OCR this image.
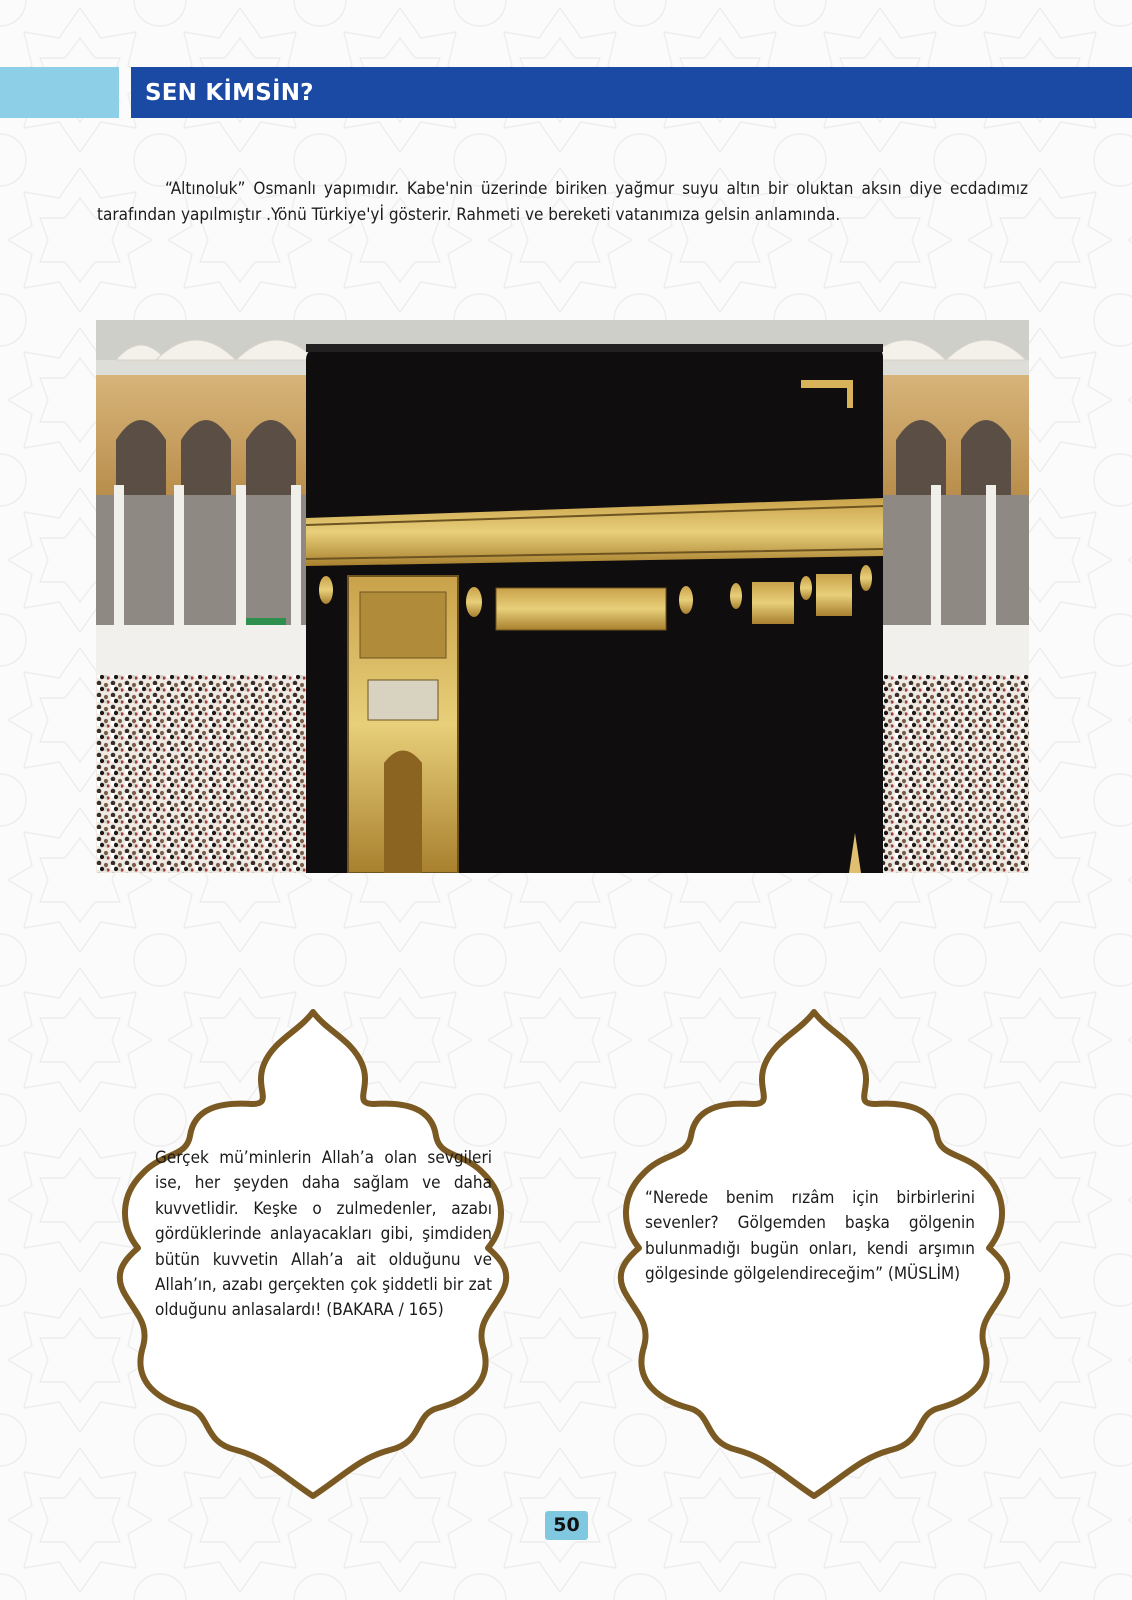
SEN KİMSİN?

“Altınoluk” Osmanlı yapımıdır. Kabe'nin üzerinde biriken yağmur suyu altın bir oluktan aksın diye ecdadımız tarafından yapılmıştır .Yönü Türkiye'yİ gösterir. Rahmeti ve bereketi vatanımıza gelsin anlamında.

Gerçek mü’minlerin Allah’a olan sevgileri ise, her şeyden daha sağlam ve daha kuvvetlidir. Keşke o zulmedenler, azabı gördüklerinde anlayacakları gibi, şimdiden bütün kuvvetin Allah’a ait olduğunu ve Allah’ın, azabı gerçekten çok şiddetli bir zat olduğunu anlasalardı! (BAKARA / 165)

“Nerede benim rızâm için birbirlerini sevenler? Gölgemden başka gölgenin bulunmadığı bugün onları, kendi arşımın gölgesinde gölgelendireceğim” (MÜSLİM)

50
